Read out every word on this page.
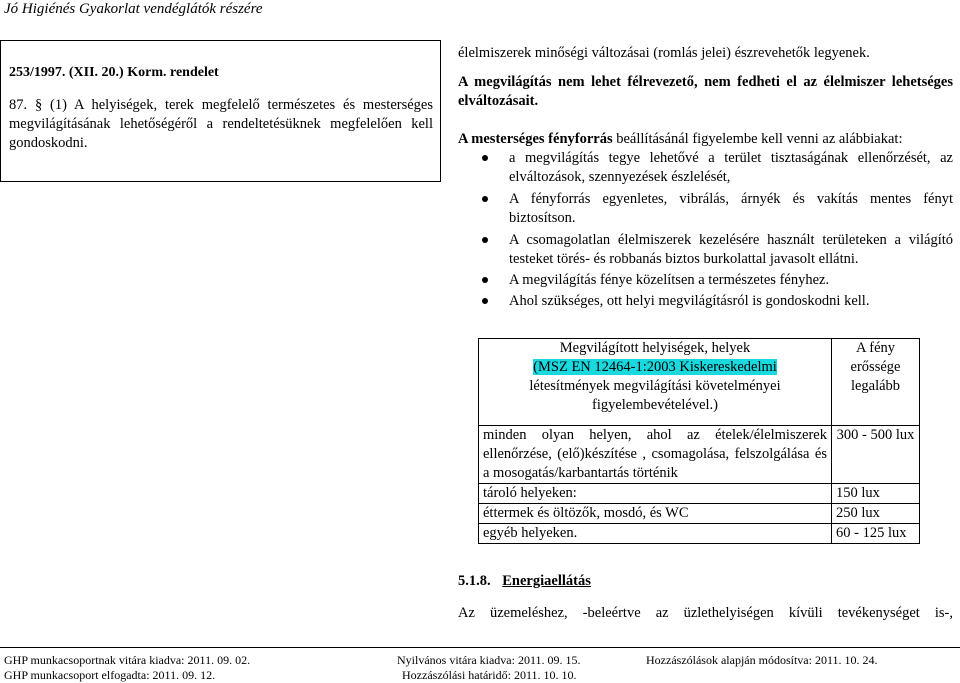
Jó Higiénés Gyakorlat vendéglátók részére
253/1997. (XII. 20.) Korm. rendelet
87. § (1) A helyiségek, terek megfelelő természetes és mesterséges megvilágításának lehetőségéről a rendeltetésüknek megfelelően kell gondoskodni.

élelmiszerek minőségi változásai (romlás jelei) észrevehetők legyenek.

A megvilágítás nem lehet félrevezető, nem fedheti el az élelmiszer lehetséges elváltozásait.

A mesterséges fényforrás beállításánál figyelembe kell venni az alábbiakat:

a megvilágítás tegye lehetővé a terület tisztaságának ellenőrzését, az elváltozások, szennyezések észlelését,
A fényforrás egyenletes, vibrálás, árnyék és vakítás mentes fényt biztosítson.
A csomagolatlan élelmiszerek kezelésére használt területeken a világító testeket törés- és robbanás biztos burkolattal javasolt ellátni.
A megvilágítás fénye közelítsen a természetes fényhez.
Ahol szükséges, ott helyi megvilágításról is gondoskodni kell.
Megvilágított helyiségek, helyek
(MSZ EN 12464-1:2003 Kiskereskedelmi
létesítmények megvilágítási követelményei
figyelembevételével.)	A fény erőssége legalább
minden olyan helyen, ahol az ételek/élelmiszerek ellenőrzése, (elő)készítése , csomagolása, felszolgálása és a mosogatás/karbantartás történik	300 - 500 lux
tároló helyeken:	150 lux
éttermek és öltözők, mosdó, és WC	250 lux
egyéb helyeken.	60 - 125 lux
5.1.8. Energiaellátás
Az üzemeléshez, -beleértve az üzlethelyiségen kívüli tevékenységet is-,
GHP munkacsoportnak vitára kiadva: 2011. 09. 02.	Nyilvános vitára kiadva: 2011. 09. 15.	Hozzászólások alapján módosítva: 2011. 10. 24.
GHP munkacsoport elfogadta: 2011. 09. 12.	Hozzászólási határidő: 2011. 10. 10.
